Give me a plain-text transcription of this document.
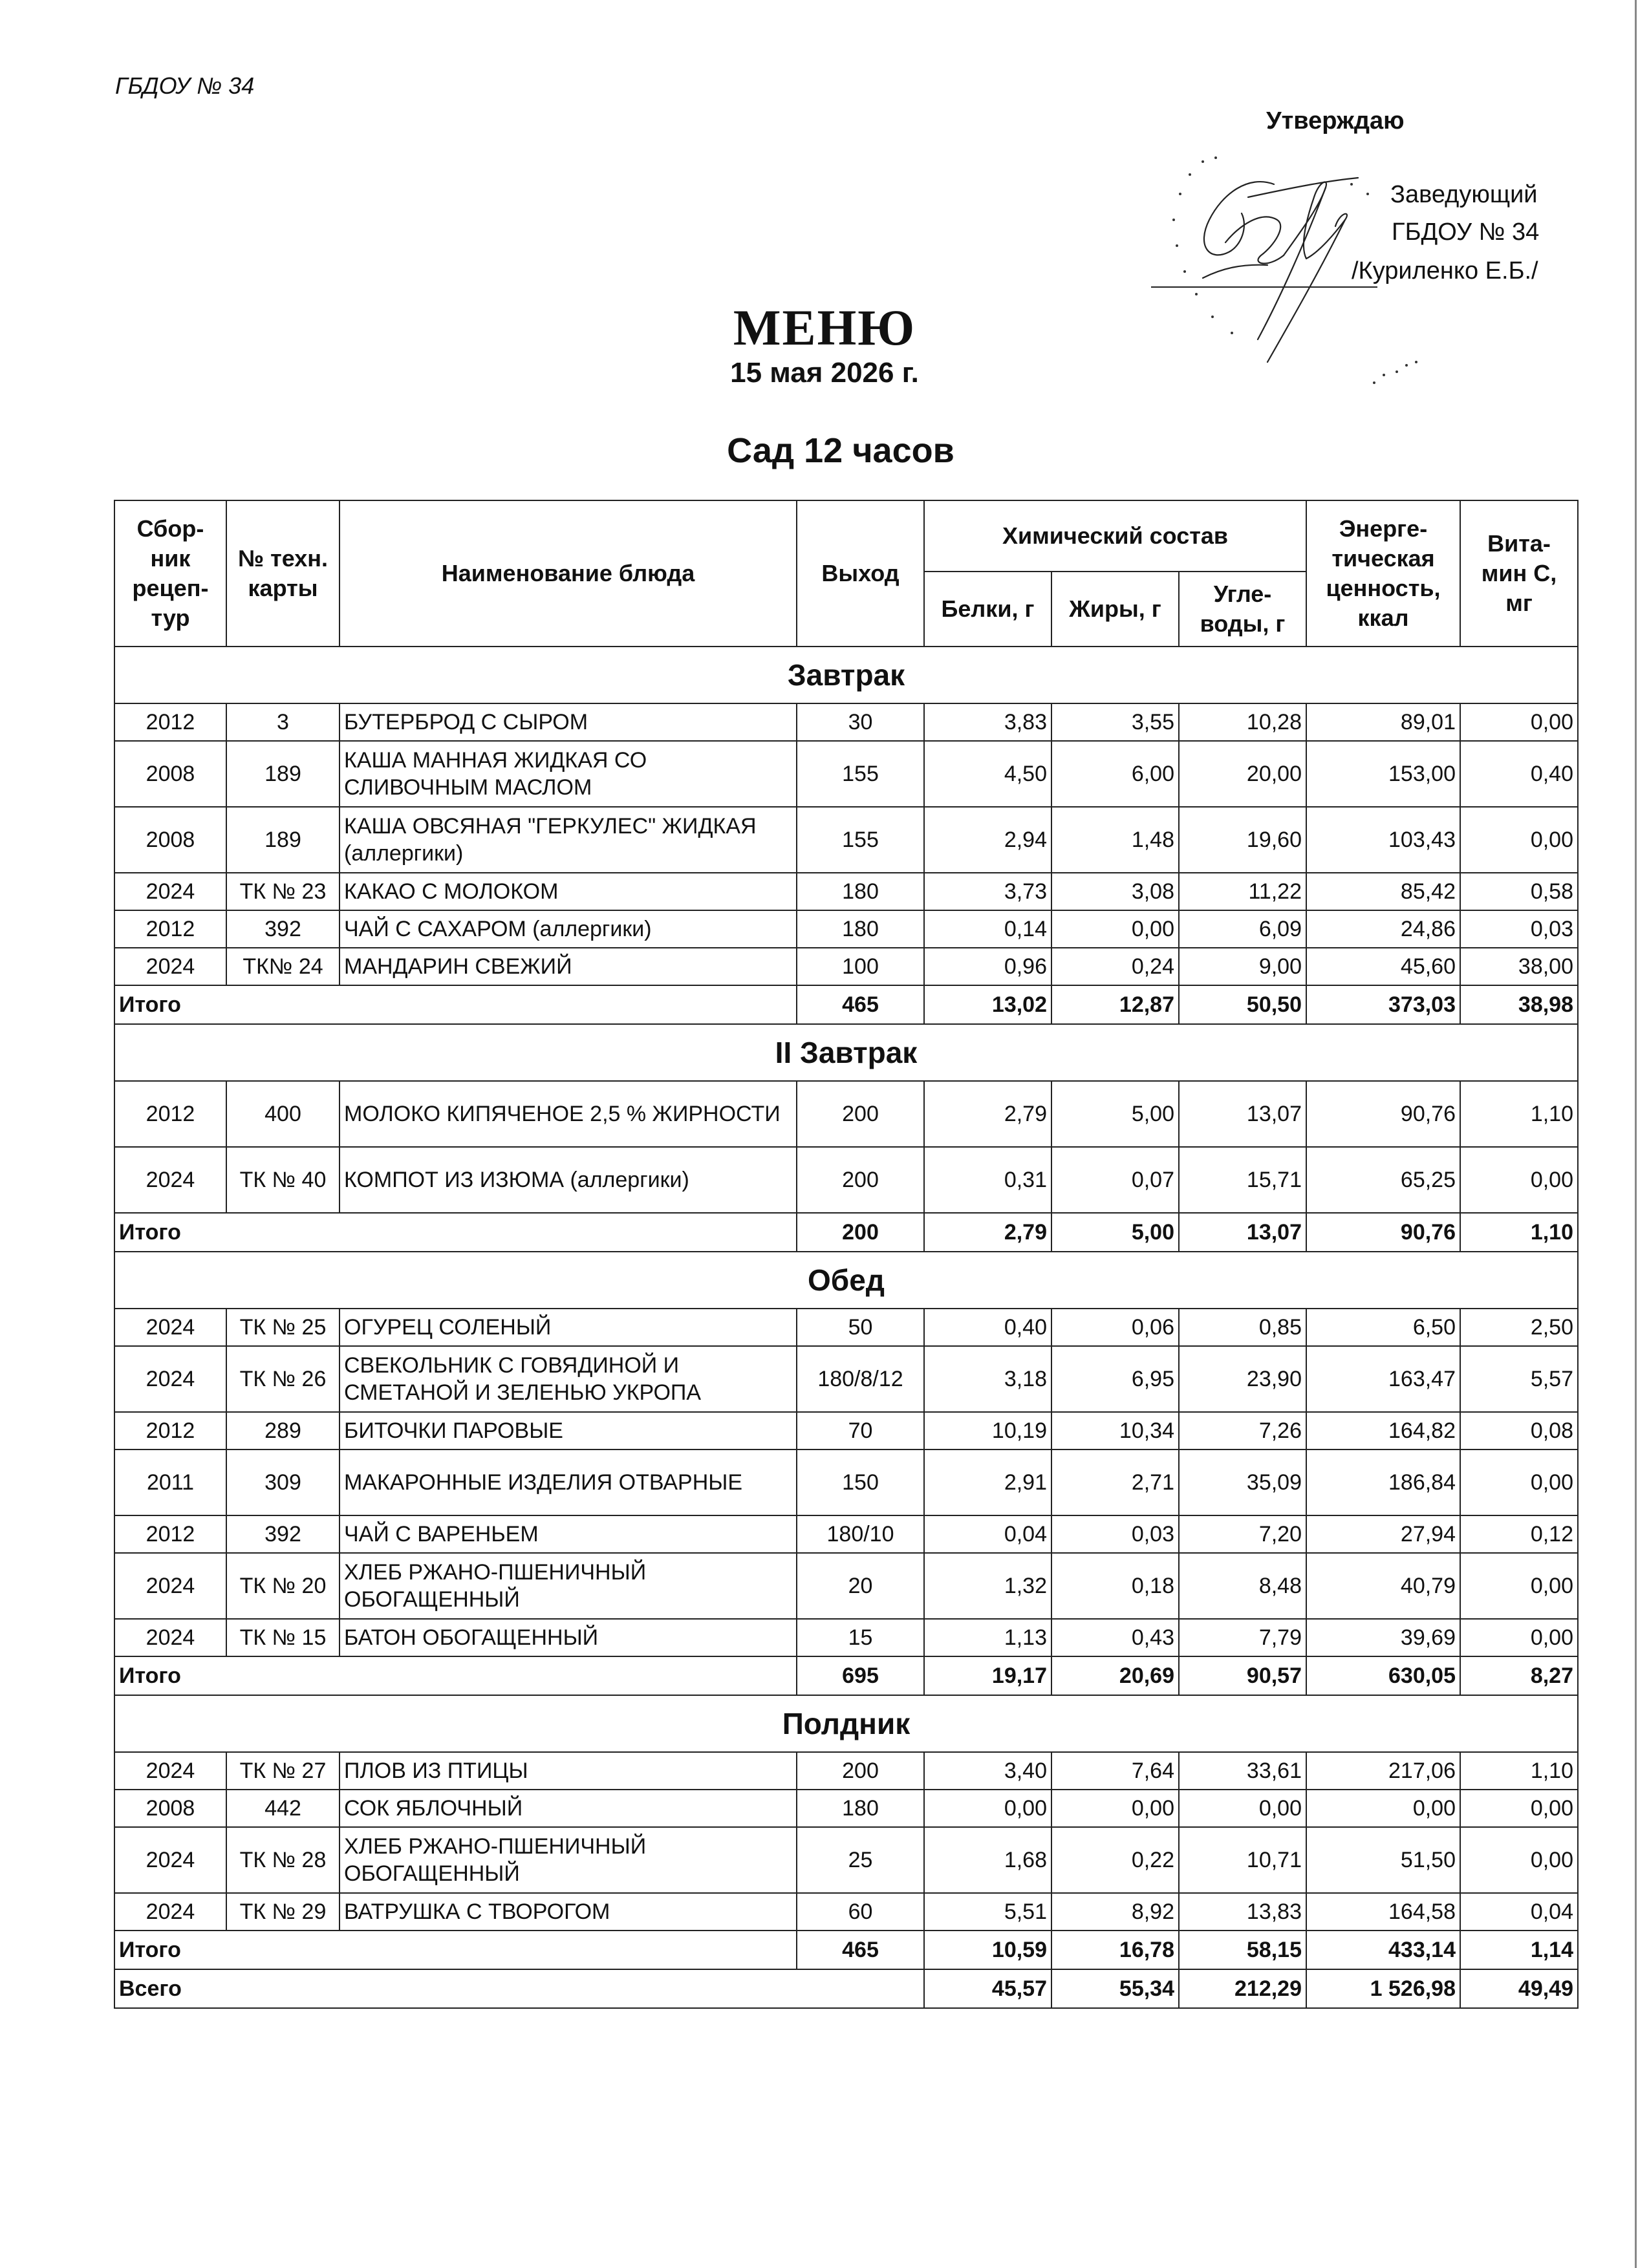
ГБДОУ № 34
Утверждаю
Заведующий
ГБДОУ № 34
/Куриленко Е.Б./
МЕНЮ
15 мая 2026 г.
Сад 12 часов
Сбор-ник рецеп-тур	№ техн. карты	Наименование блюда	Выход	Химический состав			Энерге-тическая ценность, ккал	Вита-мин С, мг
				Белки, г	Жиры, г	Угле-воды, г		
Завтрак								
2012	3	БУТЕРБРОД С СЫРОМ	30	3,83	3,55	10,28	89,01	0,00
2008	189	КАША МАННАЯ ЖИДКАЯ СО СЛИВОЧНЫМ МАСЛОМ	155	4,50	6,00	20,00	153,00	0,40
2008	189	КАША ОВСЯНАЯ "ГЕРКУЛЕС" ЖИДКАЯ (аллергики)	155	2,94	1,48	19,60	103,43	0,00
2024	ТК № 23	КАКАО С МОЛОКОМ	180	3,73	3,08	11,22	85,42	0,58
2012	392	ЧАЙ С САХАРОМ (аллергики)	180	0,14	0,00	6,09	24,86	0,03
2024	ТК№ 24	МАНДАРИН СВЕЖИЙ	100	0,96	0,24	9,00	45,60	38,00
Итого			465	13,02	12,87	50,50	373,03	38,98
II Завтрак								
2012	400	МОЛОКО КИПЯЧЕНОЕ 2,5 % ЖИРНОСТИ	200	2,79	5,00	13,07	90,76	1,10
2024	ТК № 40	КОМПОТ ИЗ ИЗЮМА (аллергики)	200	0,31	0,07	15,71	65,25	0,00
Итого			200	2,79	5,00	13,07	90,76	1,10
Обед								
2024	ТК № 25	ОГУРЕЦ СОЛЕНЫЙ	50	0,40	0,06	0,85	6,50	2,50
2024	ТК № 26	СВЕКОЛЬНИК С ГОВЯДИНОЙ И СМЕТАНОЙ И ЗЕЛЕНЬЮ УКРОПА	180/8/12	3,18	6,95	23,90	163,47	5,57
2012	289	БИТОЧКИ ПАРОВЫЕ	70	10,19	10,34	7,26	164,82	0,08
2011	309	МАКАРОННЫЕ ИЗДЕЛИЯ ОТВАРНЫЕ	150	2,91	2,71	35,09	186,84	0,00
2012	392	ЧАЙ С ВАРЕНЬЕМ	180/10	0,04	0,03	7,20	27,94	0,12
2024	ТК № 20	ХЛЕБ РЖАНО-ПШЕНИЧНЫЙ ОБОГАЩЕННЫЙ	20	1,32	0,18	8,48	40,79	0,00
2024	ТК № 15	БАТОН ОБОГАЩЕННЫЙ	15	1,13	0,43	7,79	39,69	0,00
Итого			695	19,17	20,69	90,57	630,05	8,27
Полдник								
2024	ТК № 27	ПЛОВ ИЗ ПТИЦЫ	200	3,40	7,64	33,61	217,06	1,10
2008	442	СОК ЯБЛОЧНЫЙ	180	0,00	0,00	0,00	0,00	0,00
2024	ТК № 28	ХЛЕБ РЖАНО-ПШЕНИЧНЫЙ ОБОГАЩЕННЫЙ	25	1,68	0,22	10,71	51,50	0,00
2024	ТК № 29	ВАТРУШКА С ТВОРОГОМ	60	5,51	8,92	13,83	164,58	0,04
Итого			465	10,59	16,78	58,15	433,14	1,14
Всего				45,57	55,34	212,29	1 526,98	49,49
